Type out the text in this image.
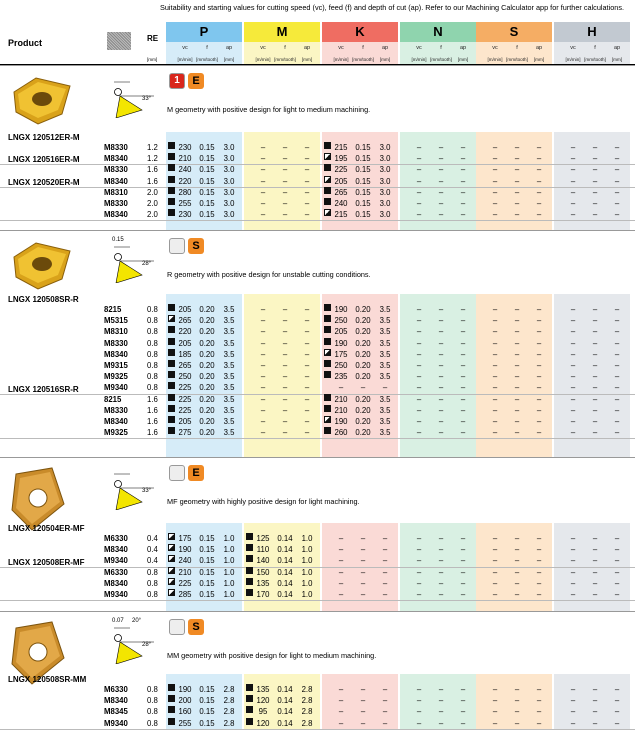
Suitability and starting values for cutting speed (vc), feed (f) and depth of cut (ap). Refer to our Machining Calculator app for further calculations.
Product	RE
[mm]
P
vc
[m/min]
f
[mm/tooth]
ap
[mm]
M
vc
[m/min]
f
[mm/tooth]
ap
[mm]
K
vc
[m/min]
f
[mm/tooth]
ap
[mm]
N
vc
[m/min]
f
[mm/tooth]
ap
[mm]
S
vc
[m/min]
f
[mm/tooth]
ap
[mm]
H
vc
[m/min]
f
[mm/tooth]
ap
[mm]
33°
1	E
M geometry with positive design for light to medium machining.
LNGX 120512ER-M
M8330 1.2	230	0.15	3.0	–	–	–	215	0.15	3.0	–	–	–	–	–	–	–	–	–
M8340 1.2	210	0.15	3.0	–	–	–	195	0.15	3.0	–	–	–	–	–	–	–	–	–
LNGX 120516ER-M
M8330 1.6	240	0.15	3.0	–	–	–	225	0.15	3.0	–	–	–	–	–	–	–	–	–
M8340 1.6	220	0.15	3.0	–	–	–	205	0.15	3.0	–	–	–	–	–	–	–	–	–
LNGX 120520ER-M
M8310 2.0	280	0.15	3.0	–	–	–	265	0.15	3.0	–	–	–	–	–	–	–	–	–
M8330 2.0	255	0.15	3.0	–	–	–	240	0.15	3.0	–	–	–	–	–	–	–	–	–
M8340 2.0	230	0.15	3.0	–	–	–	215	0.15	3.0	–	–	–	–	–	–	–	–	–
28°
0.15	S
R geometry with positive design for unstable cutting conditions.
LNGX 120508SR-R
8215	0.8	205	0.20	3.5	–	–	–	190	0.20	3.5	–	–	–	–	–	–	–	–	–
M5315 0.8	265	0.20	3.5	–	–	–	250	0.20	3.5	–	–	–	–	–	–	–	–	–
M8310 0.8	220	0.20	3.5	–	–	–	205	0.20	3.5	–	–	–	–	–	–	–	–	–
M8330 0.8	205	0.20	3.5	–	–	–	190	0.20	3.5	–	–	–	–	–	–	–	–	–
M8340 0.8	185	0.20	3.5	–	–	–	175	0.20	3.5	–	–	–	–	–	–	–	–	–
M9315 0.8	265	0.20	3.5	–	–	–	250	0.20	3.5	–	–	–	–	–	–	–	–	–
M9325 0.8	250	0.20	3.5	–	–	–	235	0.20	3.5	–	–	–	–	–	–	–	–	–
M9340 0.8	225	0.20	3.5	–	–	–	–	–	–	–	–	–	–	–	–	–	–	–
LNGX 120516SR-R
8215	1.6	225	0.20	3.5	–	–	–	210	0.20	3.5	–	–	–	–	–	–	–	–	–
M8330 1.6	225	0.20	3.5	–	–	–	210	0.20	3.5	–	–	–	–	–	–	–	–	–
M8340 1.6	205	0.20	3.5	–	–	–	190	0.20	3.5	–	–	–	–	–	–	–	–	–
M9325 1.6	275	0.20	3.5	–	–	–	260	0.20	3.5	–	–	–	–	–	–	–	–	–
33°
E
MF geometry with highly positive design for light machining.
LNGX 120504ER-MF
M6330 0.4	175	0.15	1.0	125	0.14	1.0	–	–	–	–	–	–	–	–	–	–	–	–
M8340 0.4	190	0.15	1.0	110	0.14	1.0	–	–	–	–	–	–	–	–	–	–	–	–
M9340 0.4	240	0.15	1.0	140	0.14	1.0	–	–	–	–	–	–	–	–	–	–	–	–
LNGX 120508ER-MF
M6330 0.8	210	0.15	1.0	150	0.14	1.0	–	–	–	–	–	–	–	–	–	–	–	–
M8340 0.8	225	0.15	1.0	135	0.14	1.0	–	–	–	–	–	–	–	–	–	–	–	–
M9340 0.8	285	0.15	1.0	170	0.14	1.0	–	–	–	–	–	–	–	–	–	–	–	–
28°
0.07 20°	S
MM geometry with positive design for light to medium machining.
LNGX 120508SR-MM
M6330 0.8	190	0.15	2.8	135	0.14	2.8	–	–	–	–	–	–	–	–	–	–	–	–
M8340 0.8	200	0.15	2.8	120	0.14	2.8	–	–	–	–	–	–	–	–	–	–	–	–
M8345 0.8	160	0.15	2.8	95	0.14	2.8	–	–	–	–	–	–	–	–	–	–	–	–
M9340 0.8	255	0.15	2.8	120	0.14	2.8	–	–	–	–	–	–	–	–	–	–	–	–
